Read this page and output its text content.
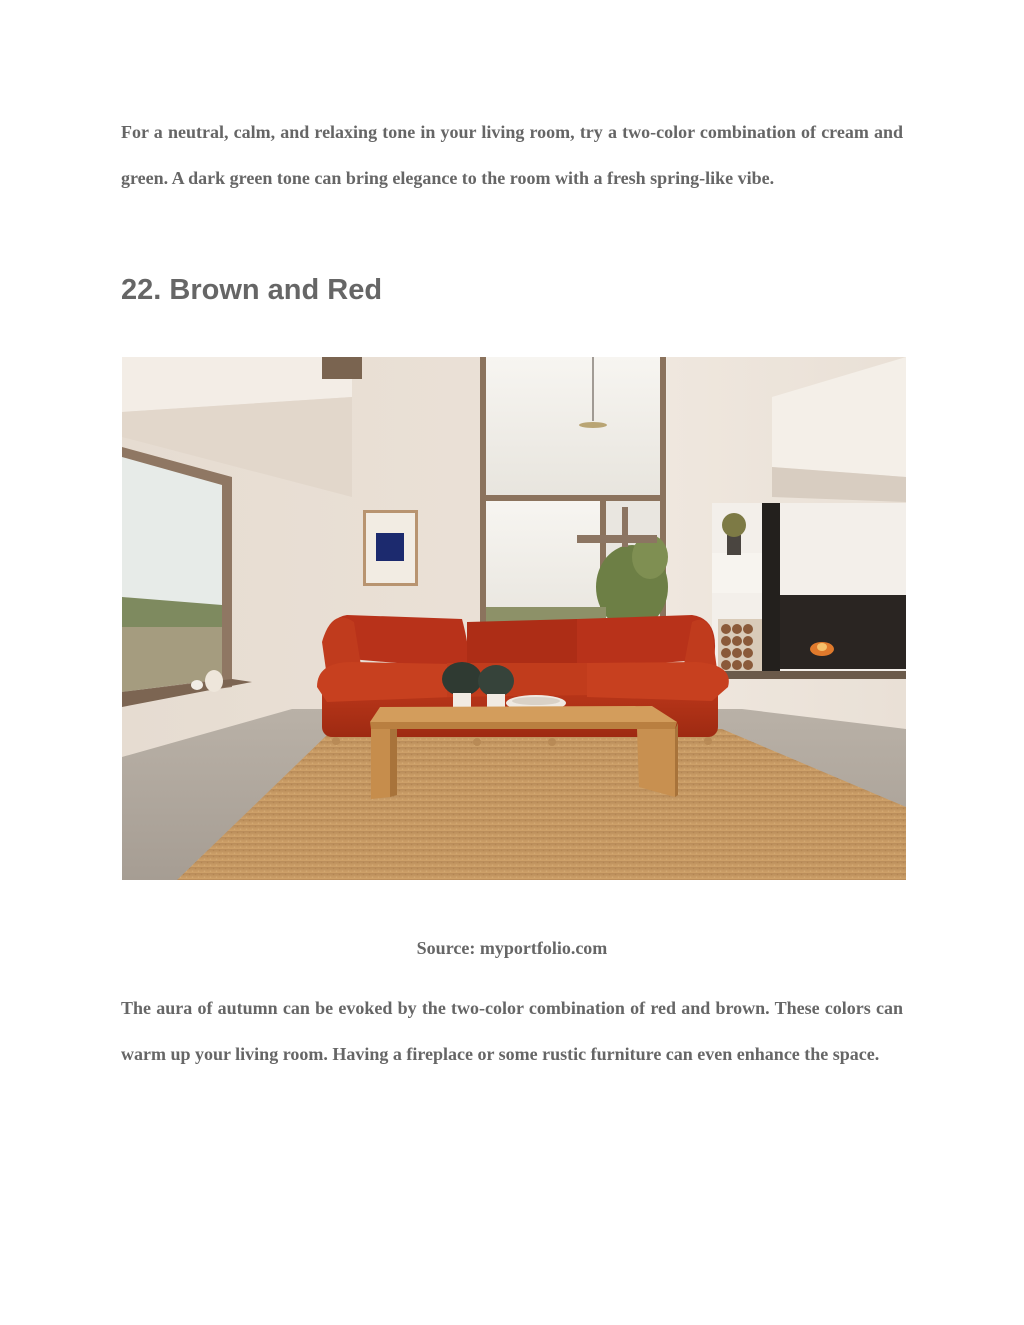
For a neutral, calm, and relaxing tone in your living room, try a two-color combination of cream and green. A dark green tone can bring elegance to the room with a fresh spring-like vibe.

22. Brown and Red

Source: myportfolio.com

The aura of autumn can be evoked by the two-color combination of red and brown. These colors can warm up your living room. Having a fireplace or some rustic furniture can even enhance the space.
